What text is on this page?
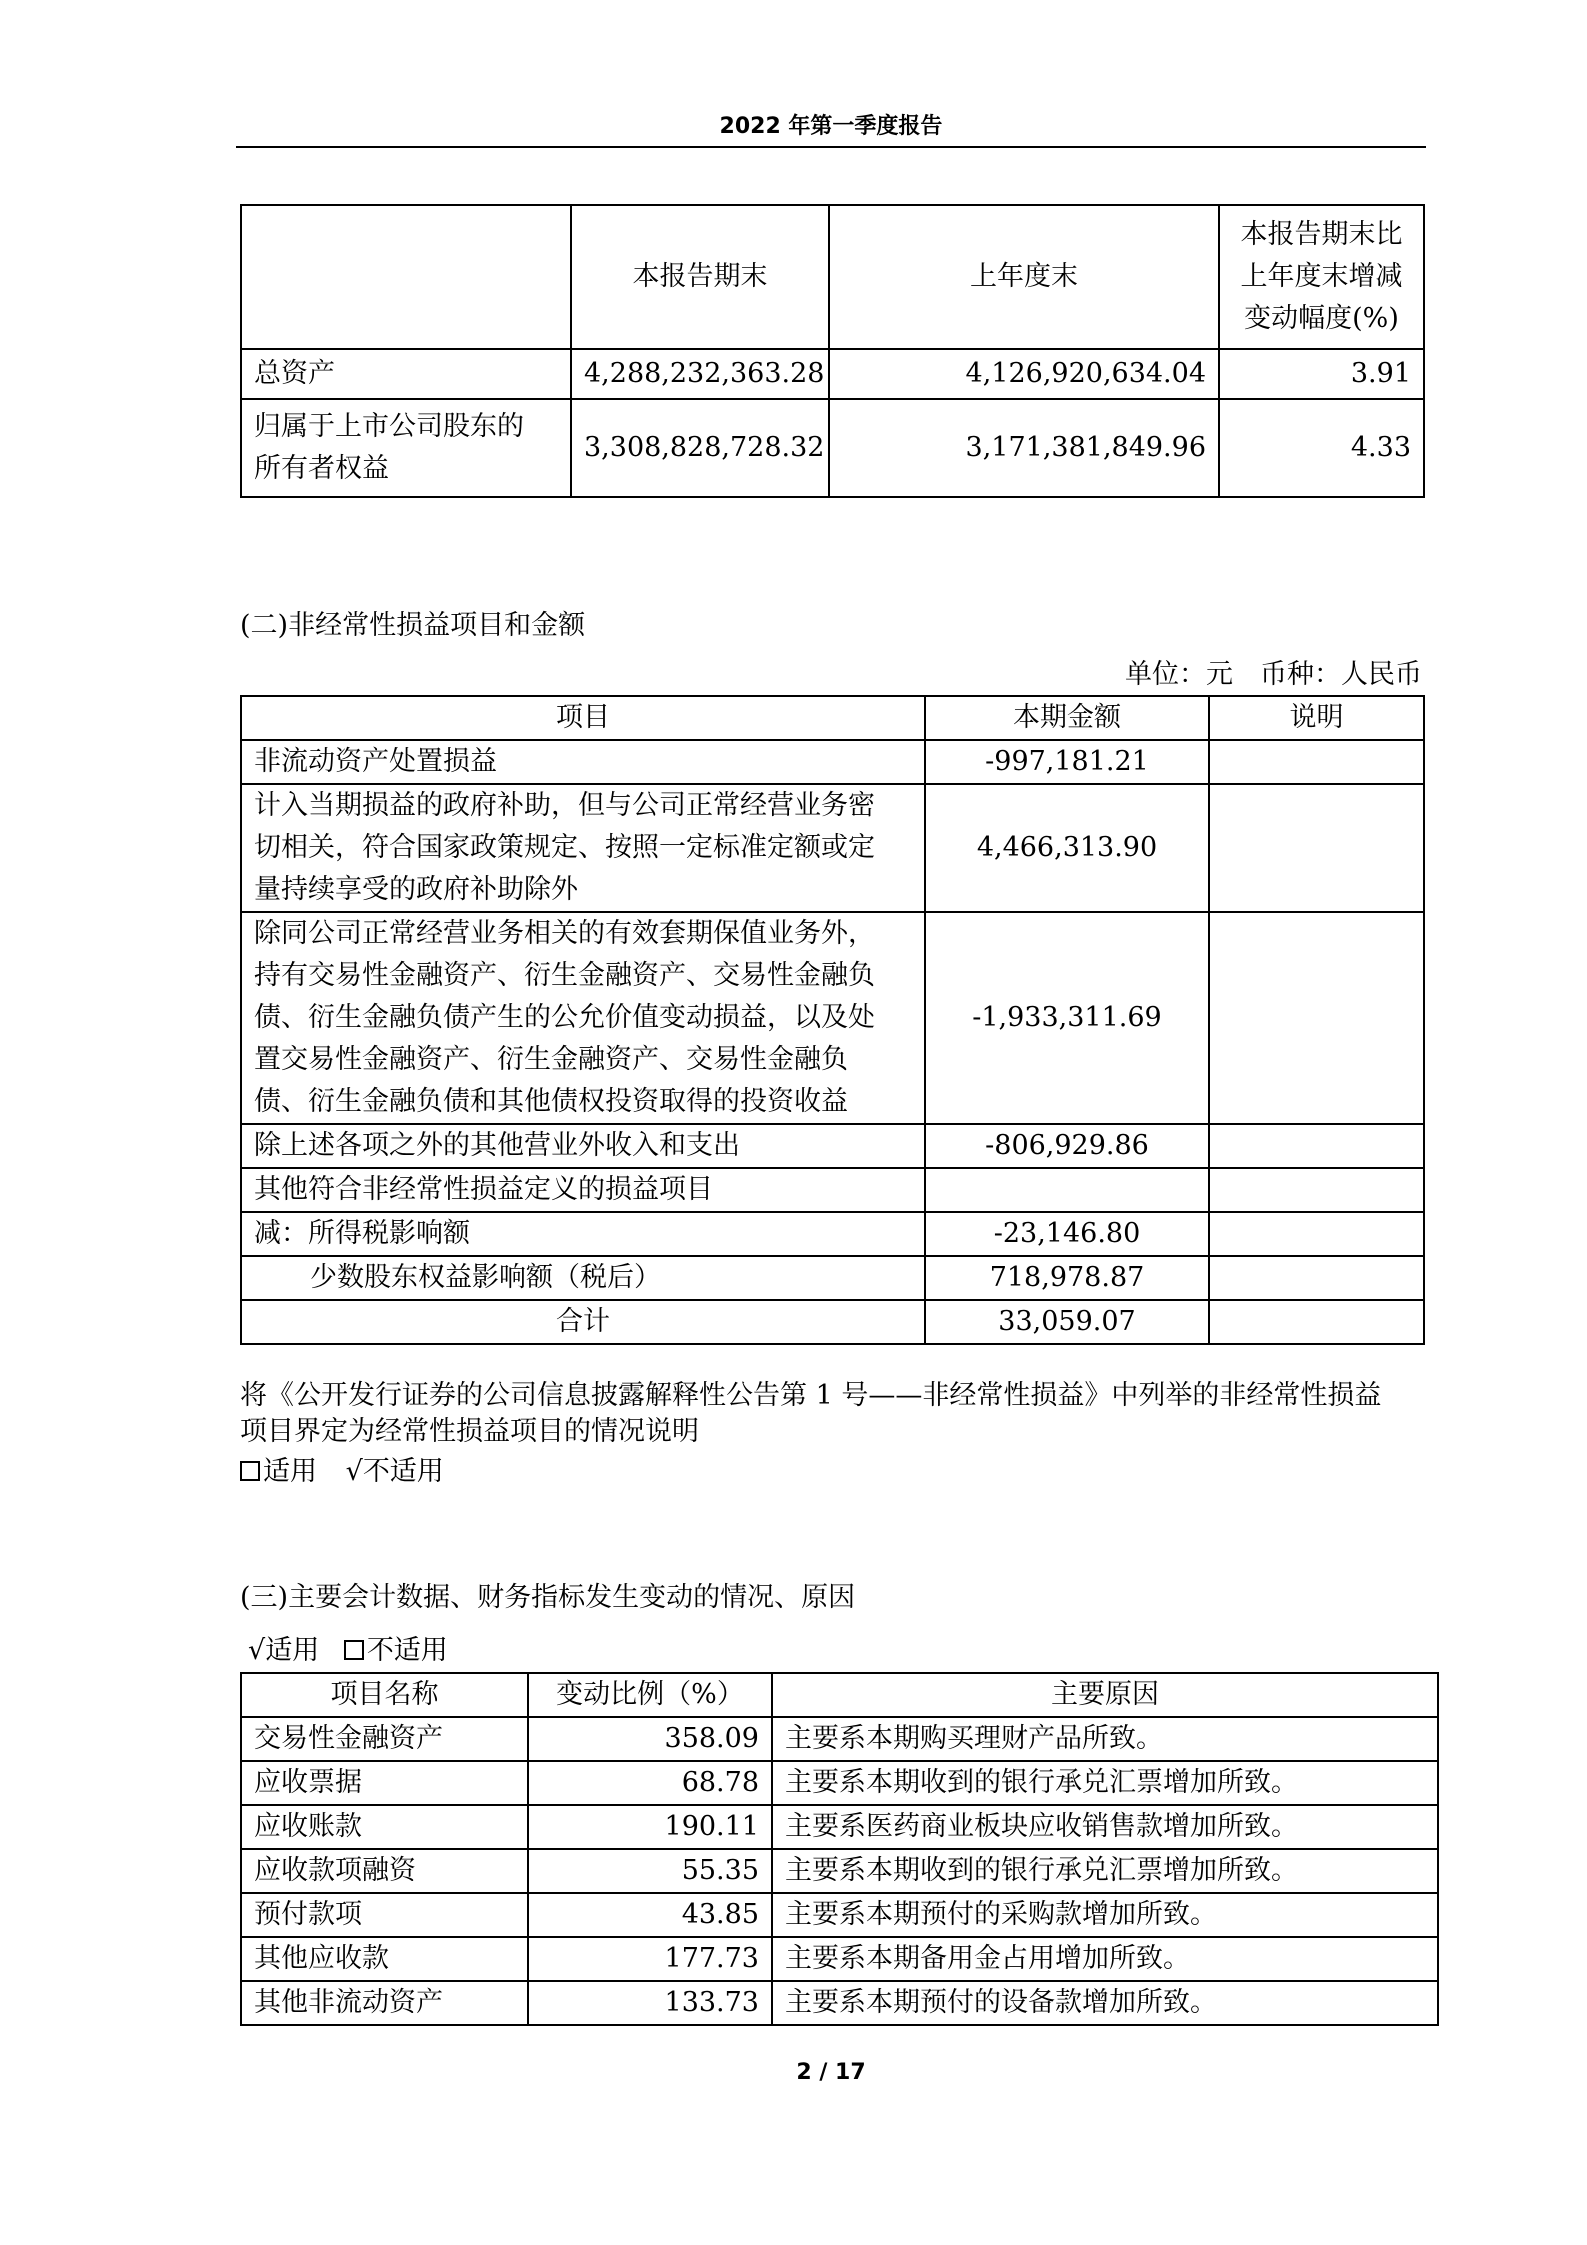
2022 年第一季度报告
	本报告期末	上年度末	本报告期末比
上年度末增减
变动幅度(%)

总资产	4,288,232,363.28	4,126,920,634.04	3.91

归属于上市公司股东的
所有者权益	3,308,828,728.32	3,171,381,849.96	4.33
(二)非经常性损益项目和金额
单位：元　币种：人民币
项目	本期金额	说明
非流动资产处置损益	-997,181.21	

计入当期损益的政府补助，但与公司正常经营业务密
切相关，符合国家政策规定、按照一定标准定额或定
量持续享受的政府补助除外	4,466,313.90	

除同公司正常经营业务相关的有效套期保值业务外，
持有交易性金融资产、衍生金融资产、交易性金融负
债、衍生金融负债产生的公允价值变动损益，以及处
置交易性金融资产、衍生金融资产、交易性金融负
债、衍生金融负债和其他债权投资取得的投资收益	-1,933,311.69	
除上述各项之外的其他营业外收入和支出	-806,929.86	
其他符合非经常性损益定义的损益项目		
减：所得税影响额	-23,146.80	
少数股东权益影响额（税后）	718,978.87	
合计	33,059.07	
将《公开发行证券的公司信息披露解释性公告第 1 号——非经常性损益》中列举的非经常性损益
项目界定为经常性损益项目的情况说明
适用 √不适用
(三)主要会计数据、财务指标发生变动的情况、原因
√适用 不适用
项目名称	变动比例（%）	主要原因
交易性金融资产	358.09	主要系本期购买理财产品所致。
应收票据	68.78	主要系本期收到的银行承兑汇票增加所致。
应收账款	190.11	主要系医药商业板块应收销售款增加所致。
应收款项融资	55.35	主要系本期收到的银行承兑汇票增加所致。
预付款项	43.85	主要系本期预付的采购款增加所致。
其他应收款	177.73	主要系本期备用金占用增加所致。
其他非流动资产	133.73	主要系本期预付的设备款增加所致。
2 / 17
